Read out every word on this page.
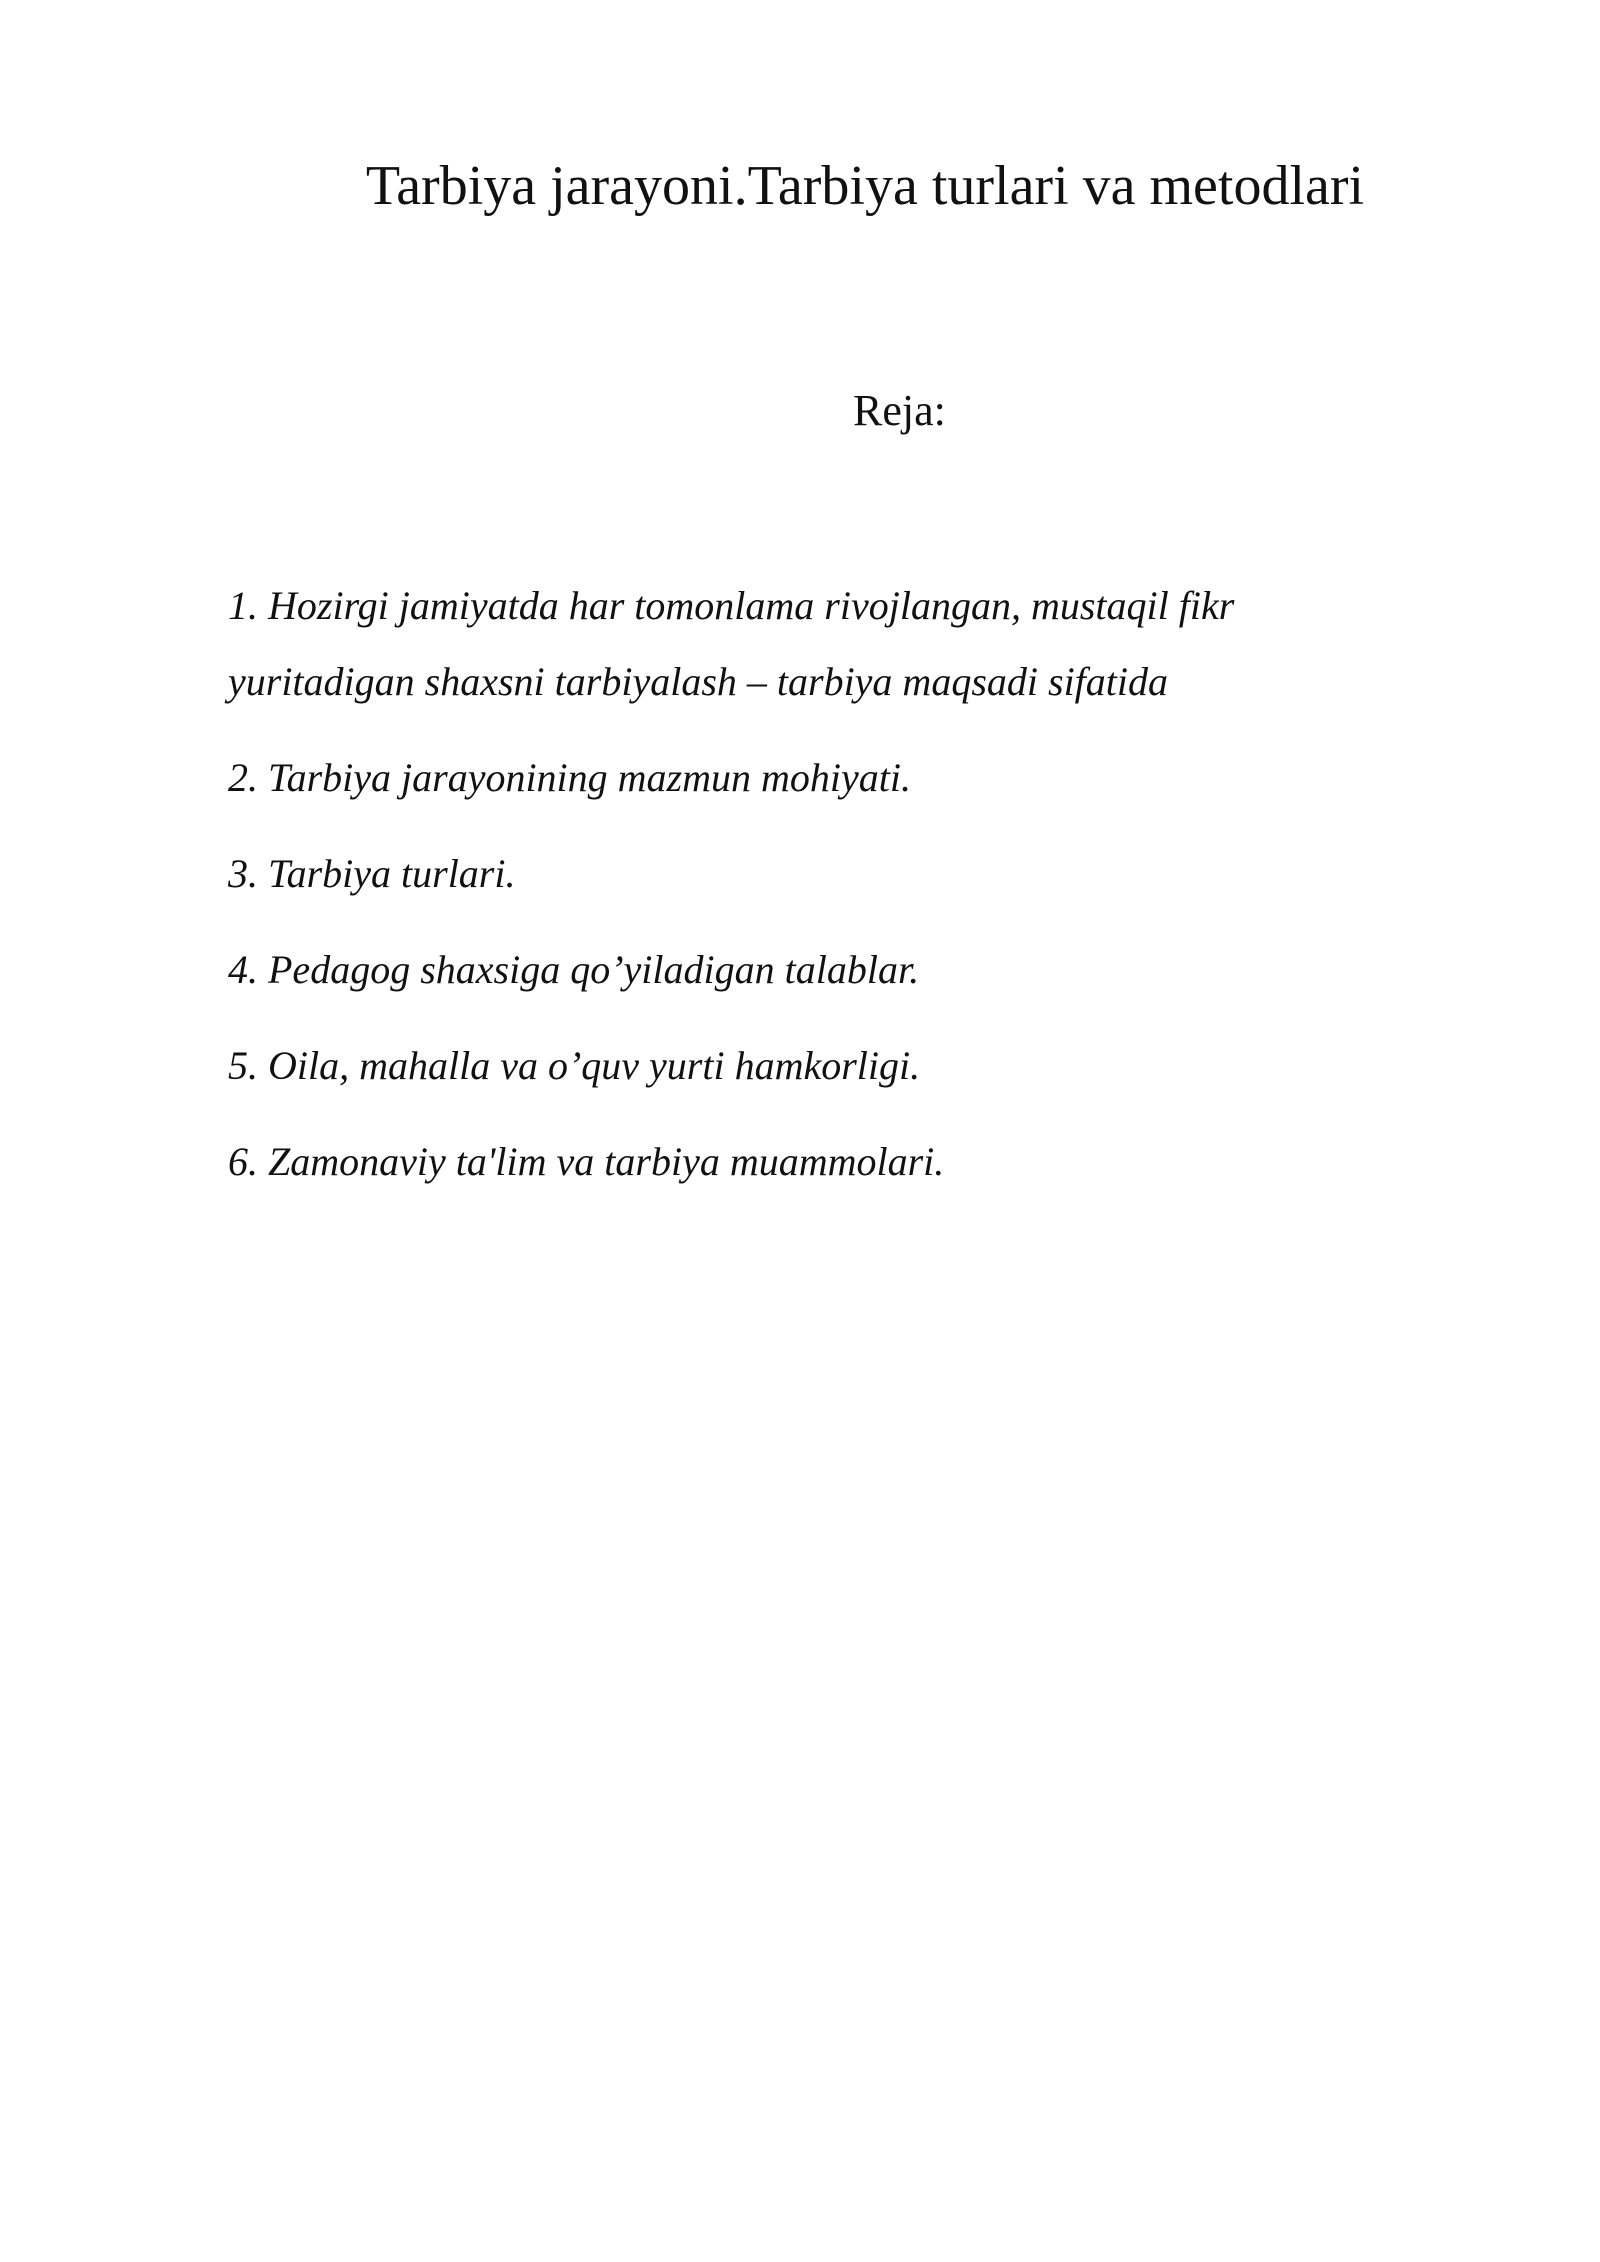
Tarbiya jarayoni.Tarbiya turlari va metodlari

Reja:

1. Hozirgi jamiyatda har tomonlama rivojlangan, mustaqil fikr yuritadigan shaxsni tarbiyalash – tarbiya maqsadi sifatida
2. Tarbiya jarayonining mazmun mohiyati.
3. Tarbiya turlari.
4. Pedagog shaxsiga qo’yiladigan talablar.
5. Oila, mahalla va o’quv yurti hamkorligi.
6. Zamonaviy ta'lim va tarbiya muammolari.
